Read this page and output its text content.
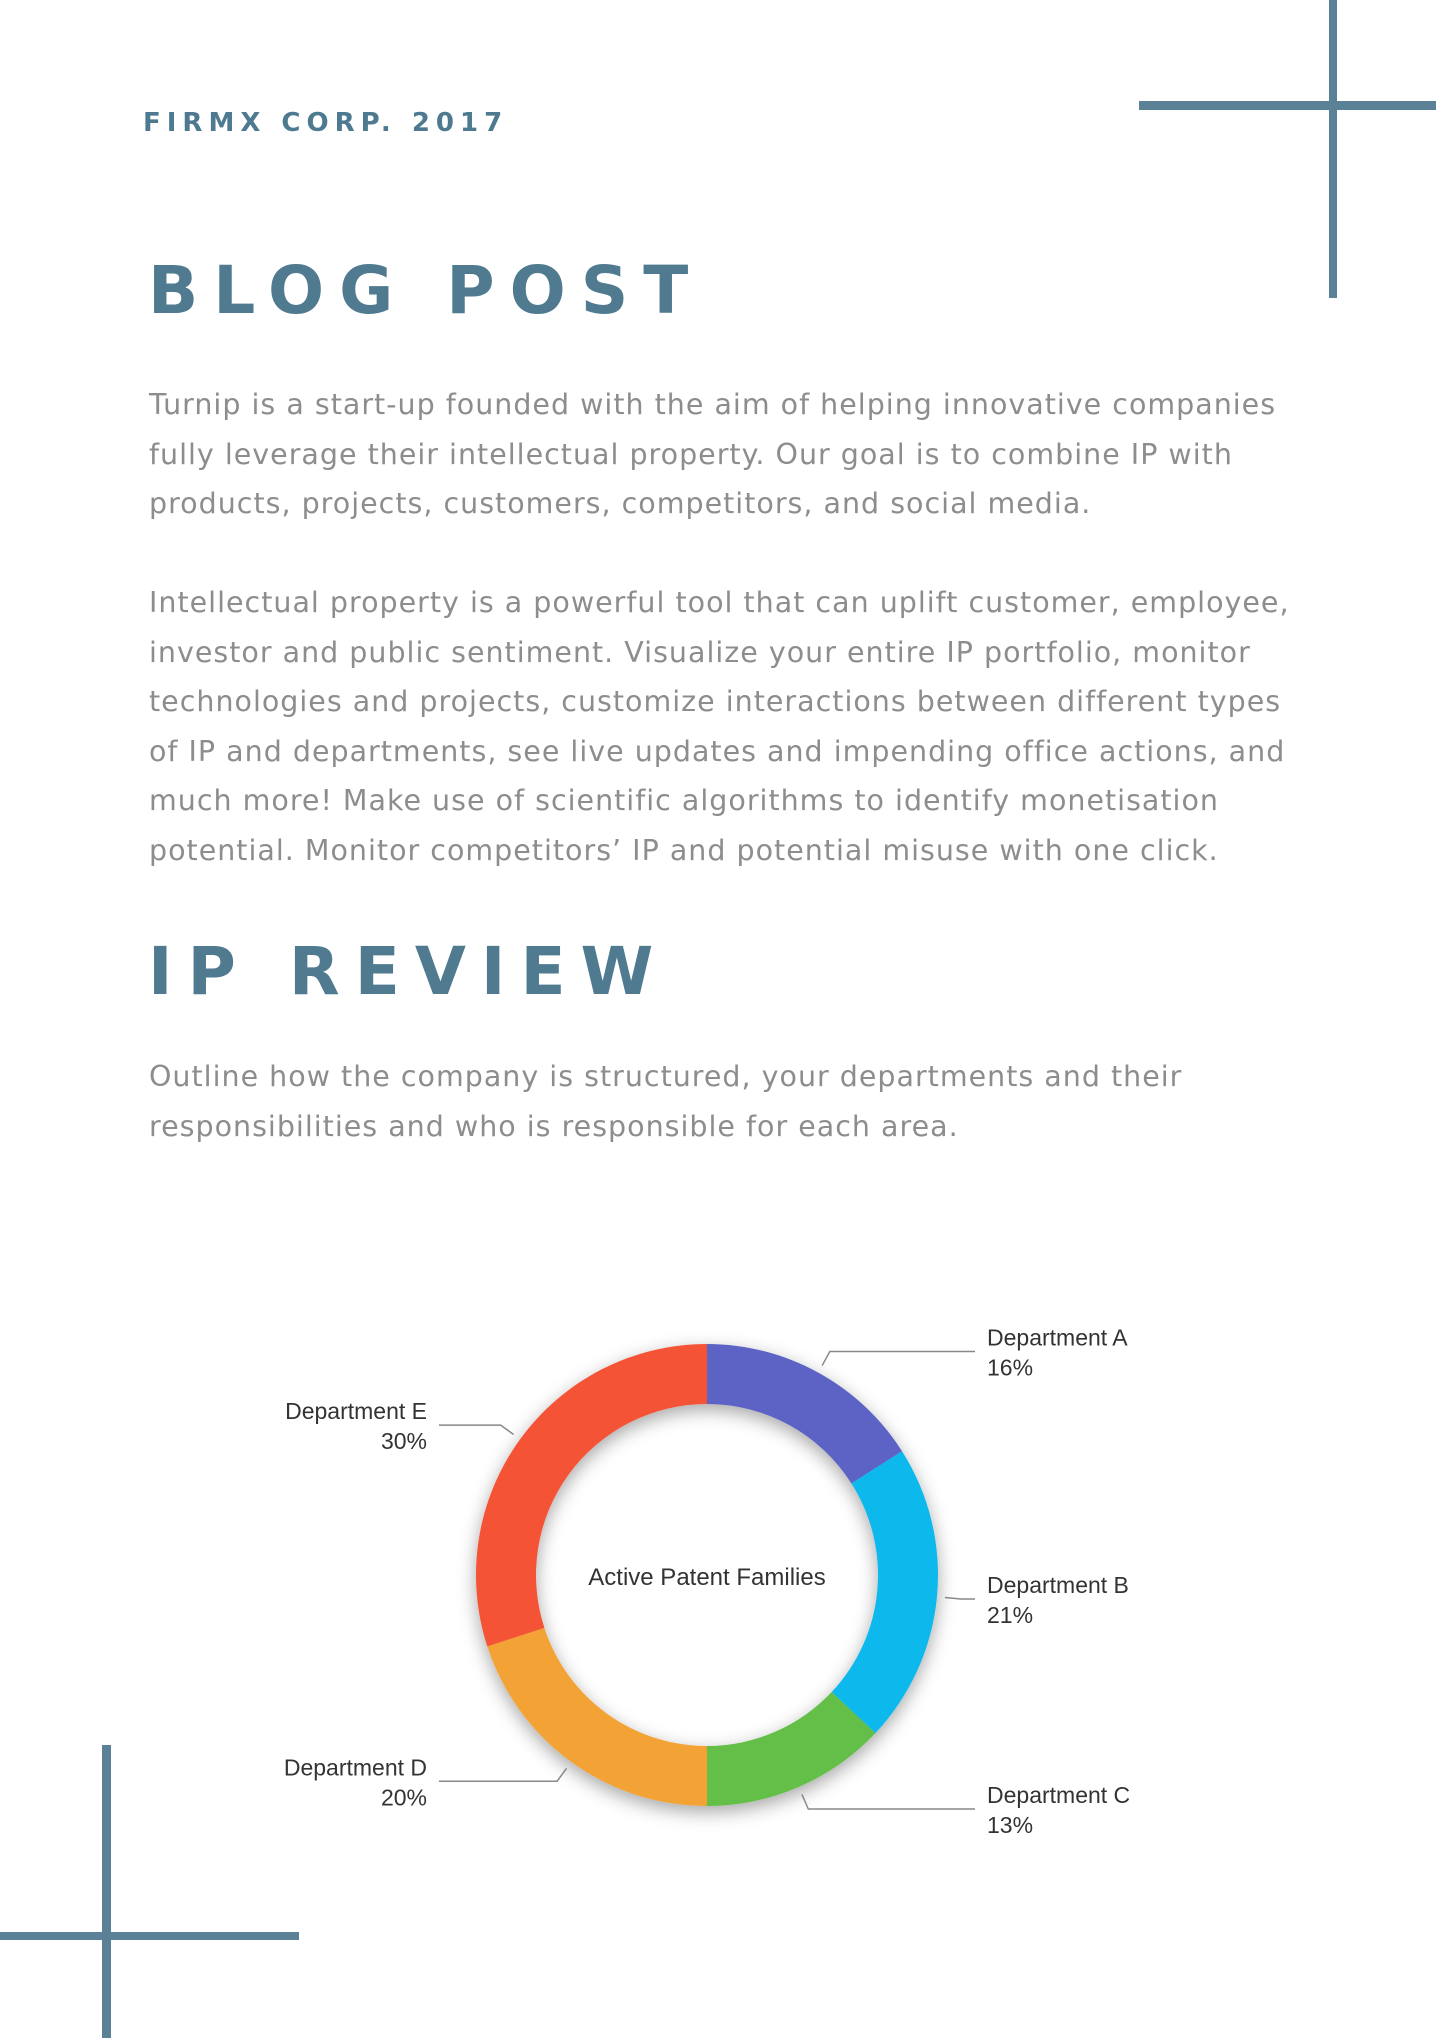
FIRMX CORP. 2017
BLOG POST

Turnip is a start-up founded with the aim of helping innovative companies fully leverage their intellectual property. Our goal is to combine IP with products, projects, customers, competitors, and social media.

Intellectual property is a powerful tool that can uplift customer, employee, investor and public sentiment. Visualize your entire IP portfolio, monitor technologies and projects, customize interactions between different types of IP and departments, see live updates and impending office actions, and much more! Make use of scientific algorithms to identify monetisation potential. Monitor competitors’ IP and potential misuse with one click.

IP REVIEW

Outline how the company is structured, your departments and their responsibilities and who is responsible for each area.

Department A
16%
Department B
21%
Department C
13%
Department D
20%
Department E
30%
Active Patent Families
